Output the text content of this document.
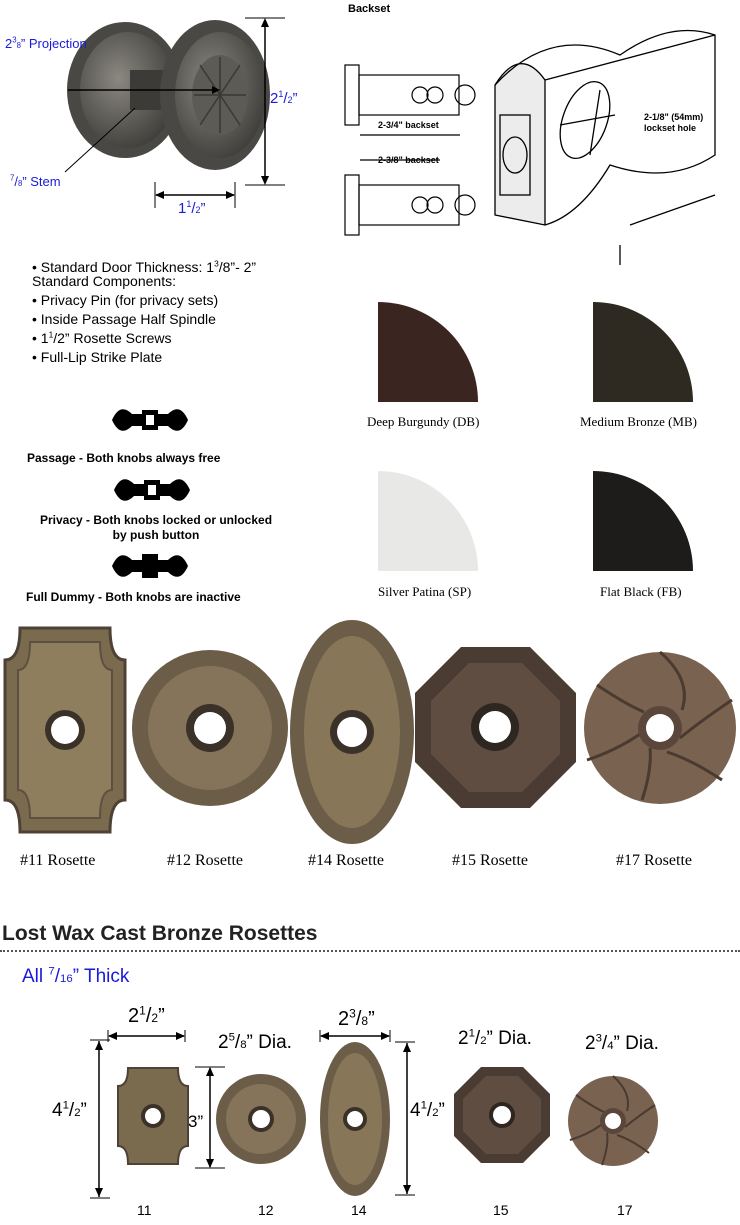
$2^38$” Projection
$^7$/8” Stem
$2^1/2$”
$1^1/2$”
Backset
2-3/4" backset
2-3/8" backset
2-1/8" (54mm)
lockset hole
• Standard Door Thickness: $1^3/8”-$ 2”
Standard Components:
• Privacy Pin (for privacy sets)
• Inside Passage Half Spindle
• $1^1/2$” Rosette Screws
• Full-Lip Strike Plate
Passage - Both knobs always free
Privacy - Both knobs locked or unlocked
by push button
Full Dummy - Both knobs are inactive
Deep Burgundy (DB)	Medium Bronze (MB)
Silver Patina (SP)	Flat Black (FB)
#11 Rosette	#12 Rosette	#14 Rosette	#15 Rosette	#17 Rosette
Lost Wax Cast Bronze Rosettes
All $^7$/16” Thick
$2^1/2$”
$4^1/2$”
3”
$2^5/8$” Dia.
$2^3/8$”
$4^1/2$”
$2^1/2$” Dia.	$2^3/4$” Dia.
11	12	14	15	17
